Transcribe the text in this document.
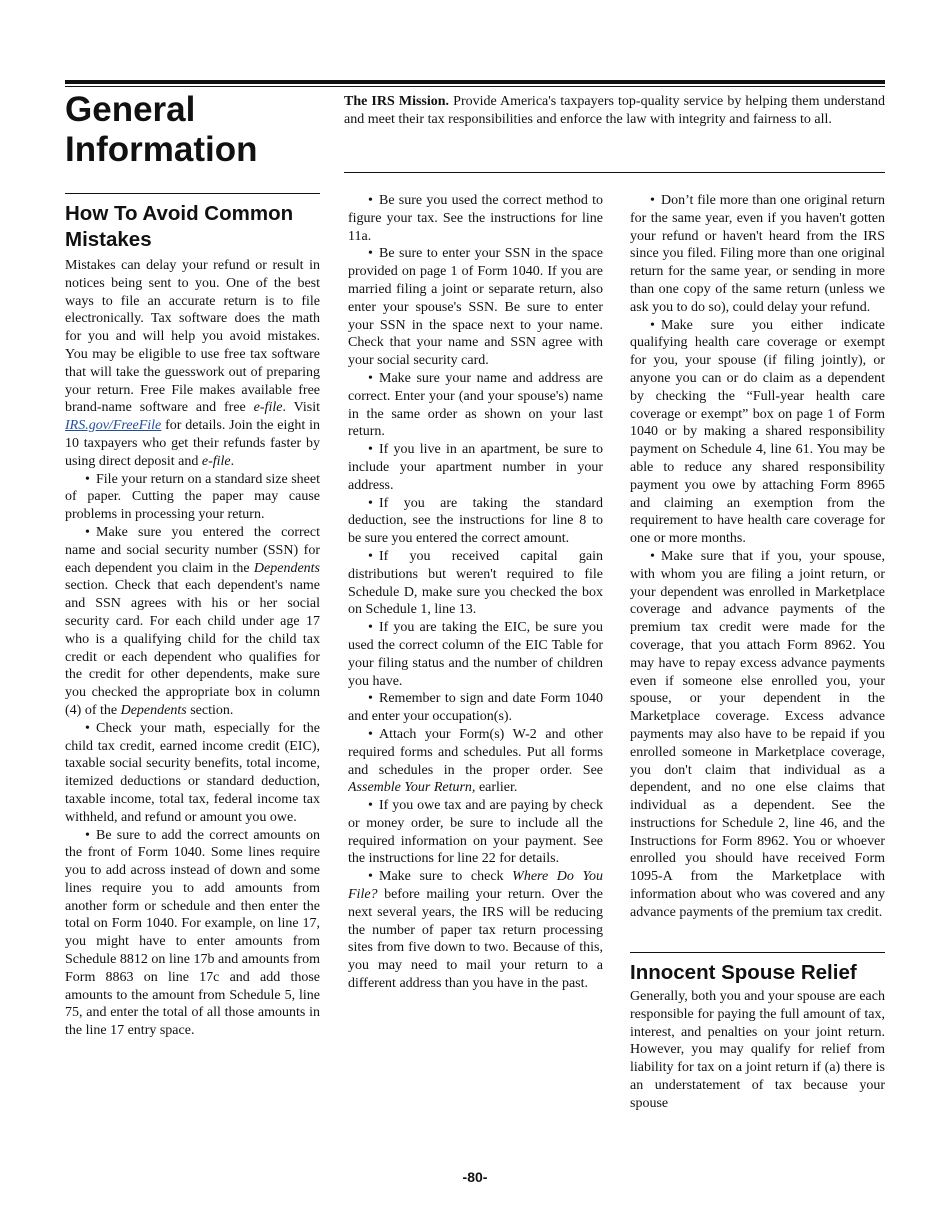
General
Information

The IRS Mission. Provide America's taxpayers top-quality service by helping them understand and meet their tax responsibilities and enforce the law with integrity and fairness to all.

How To Avoid Common Mistakes

Mistakes can delay your refund or result in notices being sent to you. One of the best ways to file an accurate return is to file electronically. Tax software does the math for you and will help you avoid mistakes. You may be eligible to use free tax software that will take the guesswork out of preparing your return. Free File makes available free brand-name software and free e-file. Visit IRS.gov/FreeFile for details. Join the eight in 10 taxpayers who get their refunds faster by using direct deposit and e-file.

• File your return on a standard size sheet of paper. Cutting the paper may cause problems in processing your return.

• Make sure you entered the correct name and social security number (SSN) for each dependent you claim in the Dependents section. Check that each dependent's name and SSN agrees with his or her social security card. For each child under age 17 who is a qualifying child for the child tax credit or each dependent who qualifies for the credit for other dependents, make sure you checked the appropriate box in column (4) of the Dependents section.

• Check your math, especially for the child tax credit, earned income credit (EIC), taxable social security benefits, total income, itemized deductions or standard deduction, taxable income, total tax, federal income tax withheld, and refund or amount you owe.

• Be sure to add the correct amounts on the front of Form 1040. Some lines require you to add across instead of down and some lines require you to add amounts from another form or schedule and then enter the total on Form 1040. For example, on line 17, you might have to enter amounts from Schedule 8812 on line 17b and amounts from Form 8863 on line 17c and add those amounts to the amount from Schedule 5, line 75, and enter the total of all those amounts in the line 17 entry space.

Innocent Spouse Relief

Generally, both you and your spouse are each responsible for paying the full amount of tax, interest, and penalties on your joint return. However, you may qualify for relief from liability for tax on a joint return if (a) there is an understatement of tax because your spouse

-80-

• Be sure you used the correct method to figure your tax. See the instructions for line 11a.

• Be sure to enter your SSN in the space provided on page 1 of Form 1040. If you are married filing a joint or separate return, also enter your spouse's SSN. Be sure to enter your SSN in the space next to your name. Check that your name and SSN agree with your social security card.

• Make sure your name and address are correct. Enter your (and your spouse's) name in the same order as shown on your last return.

• If you live in an apartment, be sure to include your apartment number in your address.

• If you are taking the standard deduction, see the instructions for line 8 to be sure you entered the correct amount.

• If you received capital gain distributions but weren't required to file Schedule D, make sure you checked the box on Schedule 1, line 13.

• If you are taking the EIC, be sure you used the correct column of the EIC Table for your filing status and the number of children you have.

• Remember to sign and date Form 1040 and enter your occupation(s).

• Attach your Form(s) W-2 and other required forms and schedules. Put all forms and schedules in the proper order. See Assemble Your Return, earlier.

• If you owe tax and are paying by check or money order, be sure to include all the required information on your payment. See the instructions for line 22 for details.

• Make sure to check Where Do You File? before mailing your return. Over the next several years, the IRS will be reducing the number of paper tax return processing sites from five down to two. Because of this, you may need to mail your return to a different address than you have in the past.

• Don’t file more than one original return for the same year, even if you haven't gotten your refund or haven't heard from the IRS since you filed. Filing more than one original return for the same year, or sending in more than one copy of the same return (unless we ask you to do so), could delay your refund.

• Make sure you either indicate qualifying health care coverage or exempt for you, your spouse (if filing jointly), or anyone you can or do claim as a dependent by checking the “Full-year health care coverage or exempt” box on page 1 of Form 1040 or by making a shared responsibility payment on Schedule 4, line 61. You may be able to reduce any shared responsibility payment you owe by attaching Form 8965 and claiming an exemption from the requirement to have health care coverage for one or more months.

• Make sure that if you, your spouse, with whom you are filing a joint return, or your dependent was enrolled in Marketplace coverage and advance payments of the premium tax credit were made for the coverage, that you attach Form 8962. You may have to repay excess advance payments even if someone else enrolled you, your spouse, or your dependent in the Marketplace coverage. Excess advance payments may also have to be repaid if you enrolled someone in Marketplace coverage, you don't claim that individual as a dependent, and no one else claims that individual as a dependent. See the instructions for Schedule 2, line 46, and the Instructions for Form 8962. You or whoever enrolled you should have received Form 1095-A from the Marketplace with information about who was covered and any advance payments of the premium tax credit.
